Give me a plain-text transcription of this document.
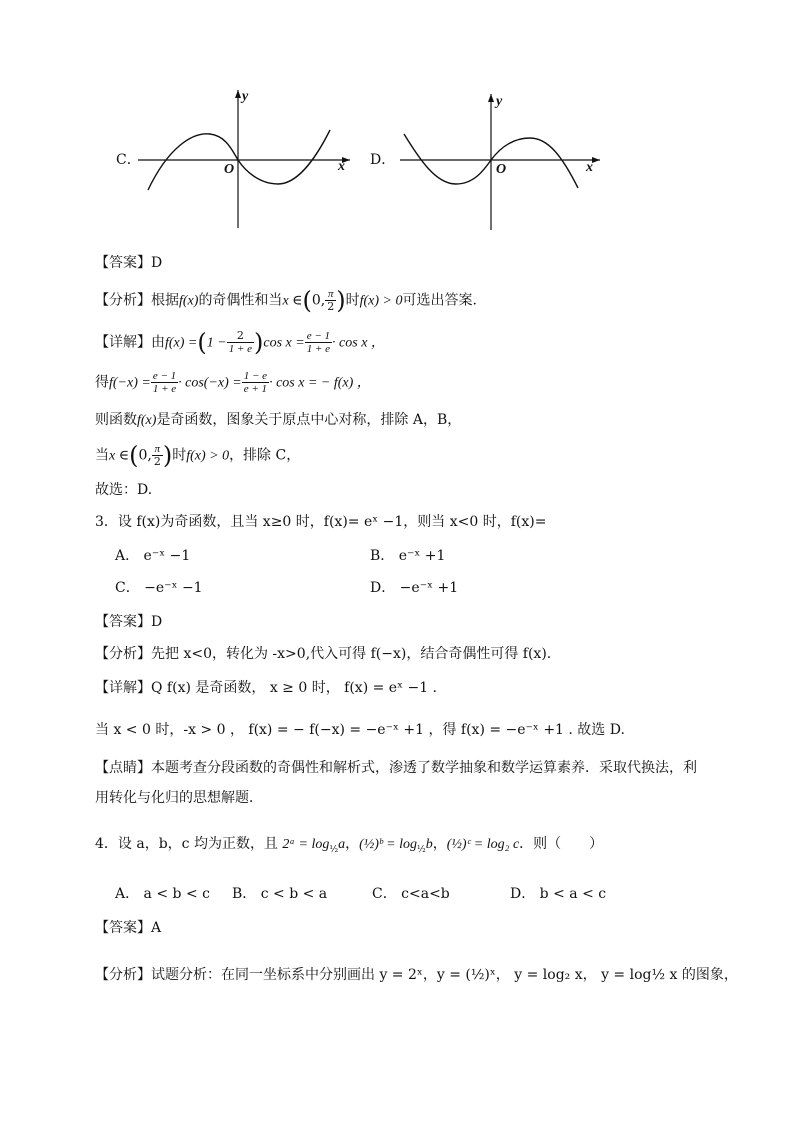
C．
y
x
O
D．
y
x
O
【答案】D
【分析】根据f(x)的奇偶性和当x ∈(0, $\frac{\pi}{2}$ )时f(x) > 0可选出答案.
【详解】由$f(x) =(1 - \frac{2}{1 + e} )\cos$ $x = \frac{e - 1}{1 + e} \cdot \cos x$ ，
得$f(-x) = \frac{e - 1}{1 + e} \cdot \cos(-x) = \frac{1 - e}{e + 1} \cdot \cos x$ = − f(x) ，
则函数f(x)是奇函数，图象关于原点中心对称，排除 A，B，
当x ∈(0, $\frac{\pi}{2}$ )时f(x) > 0，排除 C，
故选：D.
3．设 f(x)为奇函数，且当 x≥0 时，f(x)= eˣ −1，则当 x<0 时，f(x)=
A． e⁻ˣ −1	B． e⁻ˣ +1
C． −e⁻ˣ −1	D． −e⁻ˣ +1
【答案】D
【分析】先把 x<0，转化为 -x>0,代入可得 f(−x)，结合奇偶性可得 f(x).
【详解】Q f(x) 是奇函数， x ≥ 0 时， f(x) = eˣ −1 .
当 x < 0 时，-x > 0 ， f(x) = − f(−x) = −e⁻ˣ +1 ，得 f(x) = −e⁻ˣ +1 . 故选 D.
【点睛】本题考查分段函数的奇偶性和解析式，渗透了数学抽象和数学运算素养．采取代换法，利
用转化与化归的思想解题．
4．设 a，b，c 均为正数，且 2ᵃ = $\log_{\frac{1}{2}}a$，(½)ᵇ = $\log_{\frac{1}{2}}b$，(½)ᶜ = log₂ c．则（　　）
A． a < b < c B． c < b < a	C． c<a<b	D． b < a < c
【答案】A
【分析】试题分析：在同一坐标系中分别画出 y = 2ˣ，y = (½)ˣ， y = log₂ x， y = log½ x 的图象，
